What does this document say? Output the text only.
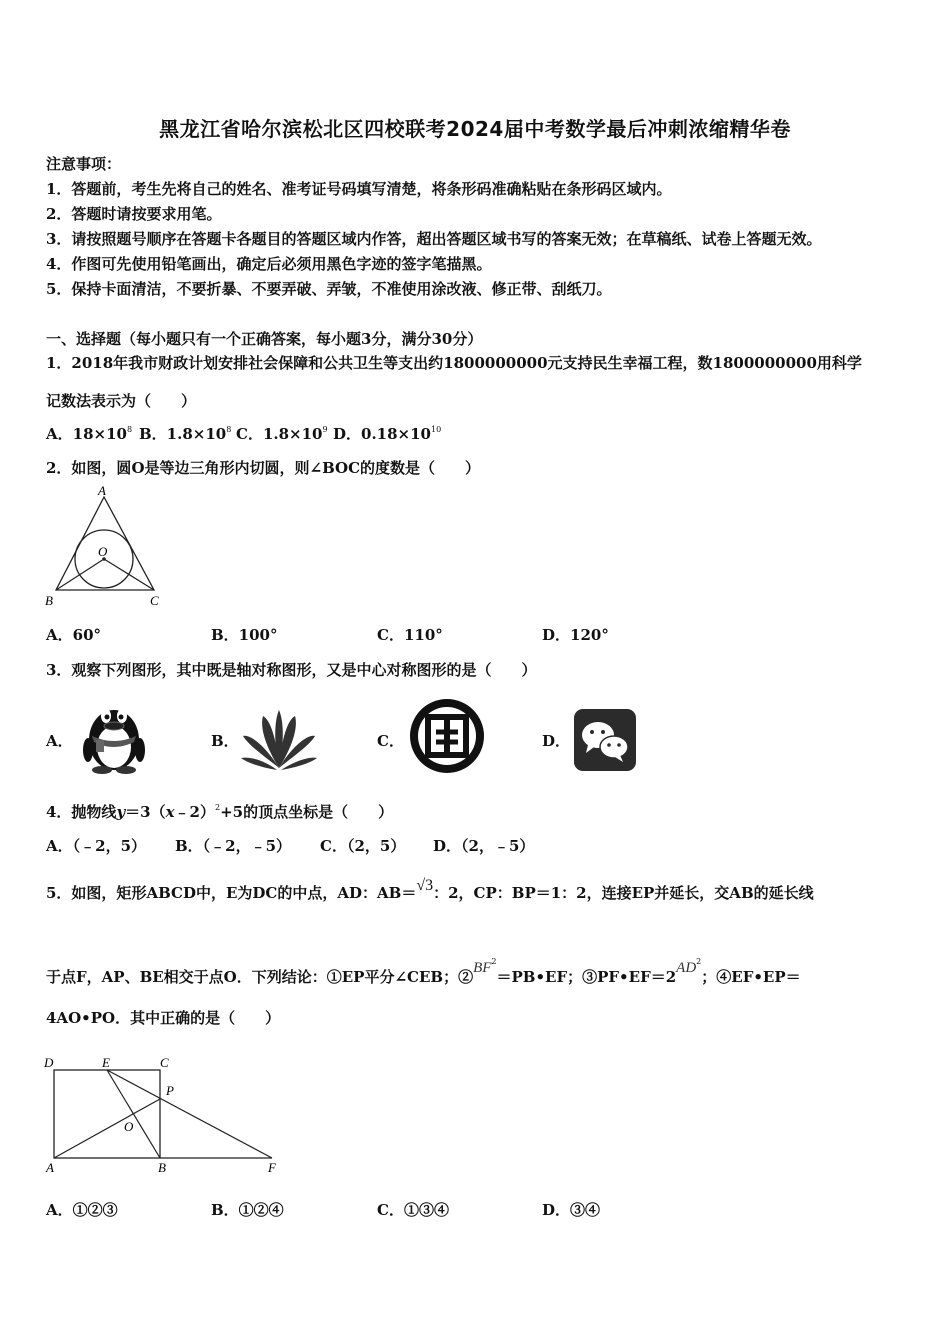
黑龙江省哈尔滨松北区四校联考2024届中考数学最后冲刺浓缩精华卷
注意事项：
1．答题前，考生先将自己的姓名、准考证号码填写清楚，将条形码准确粘贴在条形码区域内。
2．答题时请按要求用笔。
3．请按照题号顺序在答题卡各题目的答题区域内作答，超出答题区域书写的答案无效；在草稿纸、试卷上答题无效。
4．作图可先使用铅笔画出，确定后必须用黑色字迹的签字笔描黑。
5．保持卡面清洁，不要折暴、不要弄破、弄皱，不准使用涂改液、修正带、刮纸刀。
一、选择题（每小题只有一个正确答案，每小题3分，满分30分）
1．2018年我市财政计划安排社会保障和公共卫生等支出约1800000000元支持民生幸福工程，数1800000000用科学
记数法表示为（　　）
A．$18\times 10^8$ B．$1.8\times 10^8$ C．$1.8\times 10^9$ D．$0.18\times 10^{10}$
2．如图，圆O是等边三角形内切圆，则∠BOC的度数是（　　）
A
O
B	C
A．60°	B．100°	C．110°	D．120°
3．观察下列图形，其中既是轴对称图形，又是中心对称图形的是（　　）
A．	B．	C．	D．
4．抛物线y＝3（x﹣2）$^2$+5的顶点坐标是（　　）
A．（﹣2，5） B．（﹣2，﹣5） C．（2，5） D．（2，﹣5）
5．如图，矩形ABCD中，E为DC的中点，AD：AB＝√3：2，CP：BP＝1：2，连接EP并延长，交AB的延长线
于点F，AP、BE相交于点O．下列结论：①EP平分∠CEB；$②BF^2=PB•EF$；$③PF•EF=2AD^2$；④EF•EP＝
4AO•PO．其中正确的是（　　）
D	E	C
P
O
A	B	F
A．①②③	B．①②④	C．①③④	D．③④
